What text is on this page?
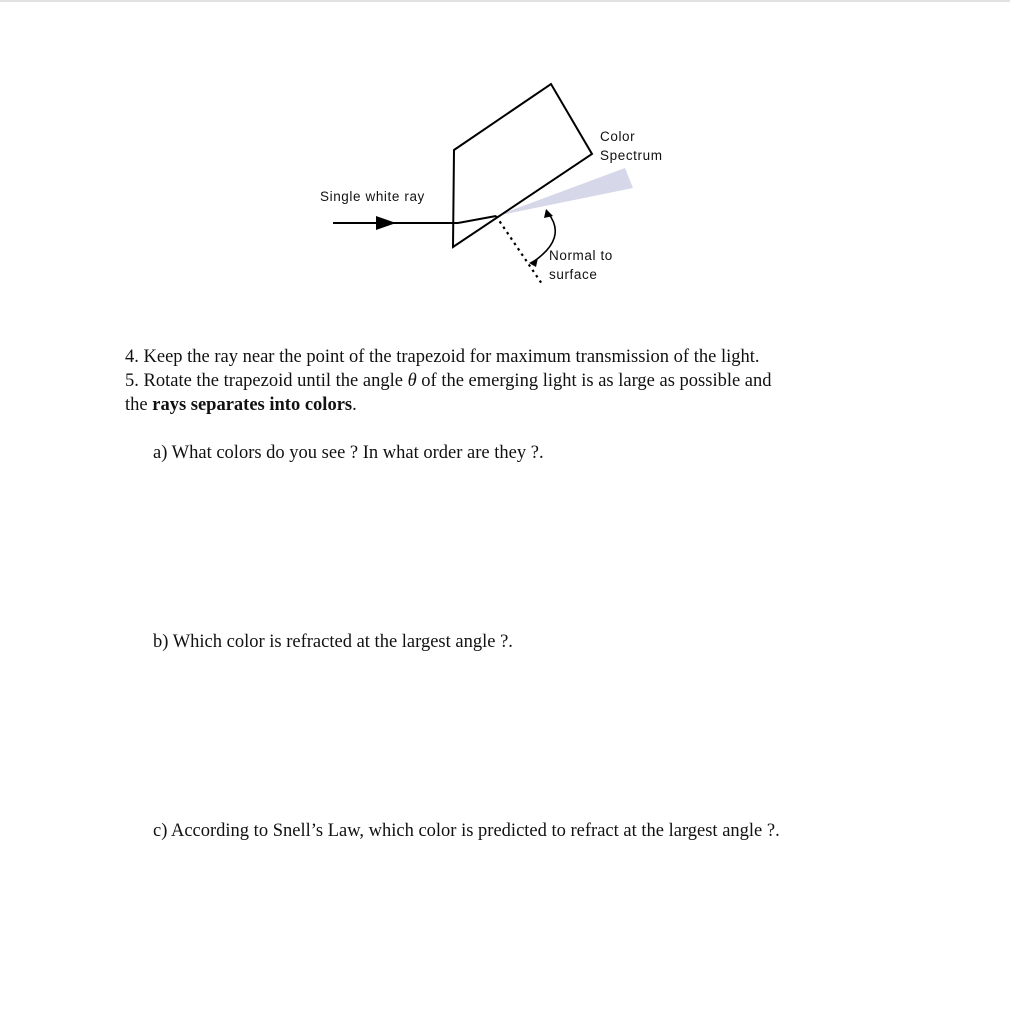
Single white ray
Color
Spectrum
Normal to
surface
4. Keep the ray near the point of the trapezoid for maximum transmission of the light.
5. Rotate the trapezoid until the angle θ of the emerging light is as large as possible and
the rays separates into colors.
a) What colors do you see ? In what order are they ?.
b) Which color is refracted at the largest angle ?.
c) According to Snell’s Law, which color is predicted to refract at the largest angle ?.
